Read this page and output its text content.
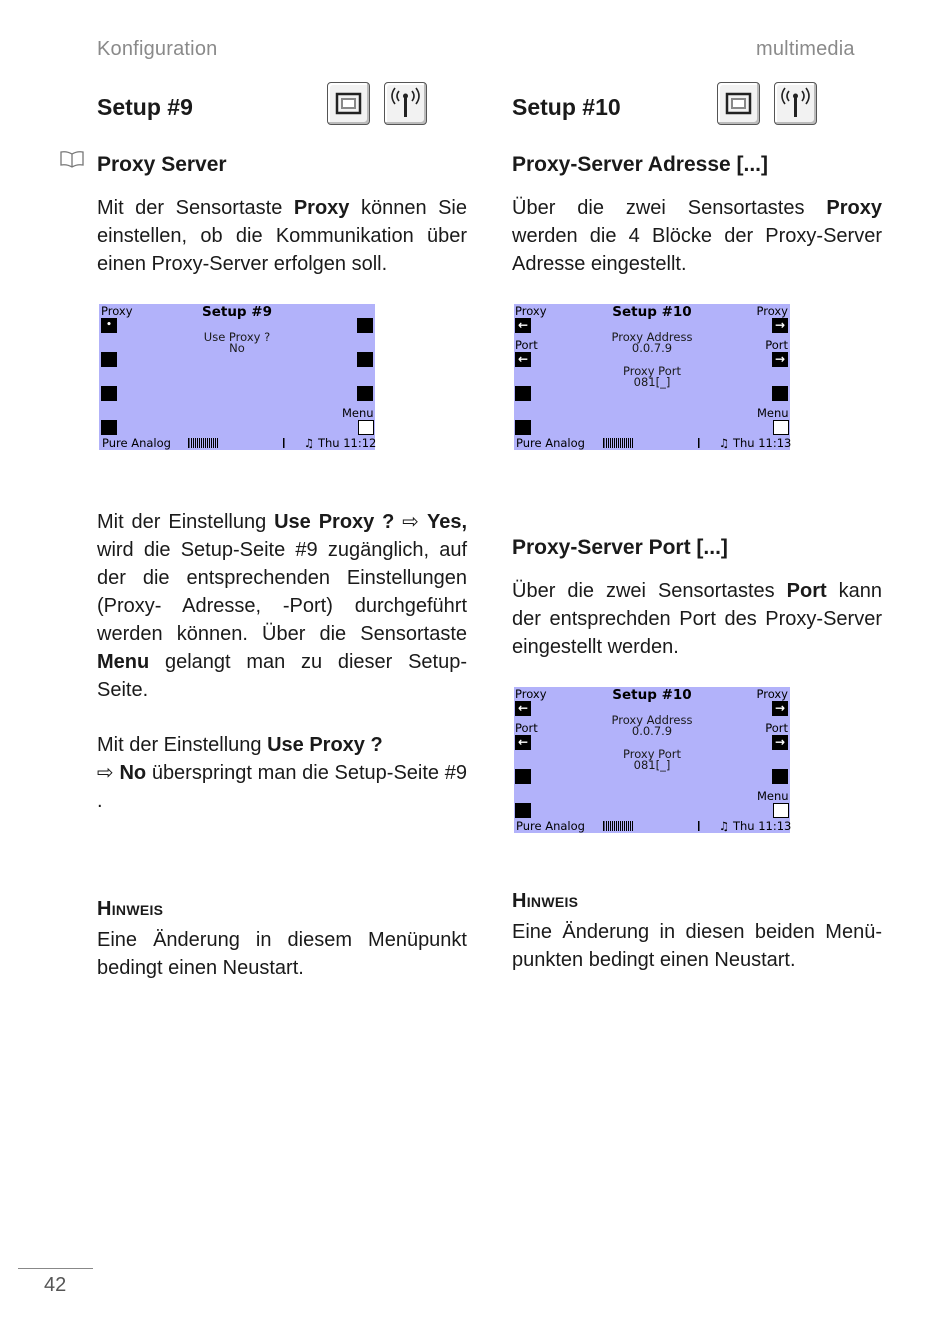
Konfiguration	multimedia
Setup #9
Proxy Server
Mit der Sensortaste Proxy können Sie einstellen, ob die Kommunikation über einen Proxy-Server erfolgen soll.
Proxy	Setup #9
•
Use Proxy ?
No
Menu
Pure Analog	♫ Thu 11:12
Mit der Einstellung Use Proxy ? ⇨ Yes, wird die Setup-Seite #9 zugänglich, auf der die entsprechenden Einstellungen (Proxy- Adresse, -Port) durchgeführt werden können. Über die Sensortaste Menu gelangt man zu dieser Setup-Seite.
Mit der Einstellung Use Proxy ?
⇨ No überspringt man die Setup-Seite #9 .
Hinweis
Eine Änderung in diesem Menüpunkt bedingt einen Neustart.
Setup #10
Proxy-Server Adresse [...]
Über die zwei Sensortastes Proxy werden die 4 Blöcke der Proxy-Server Adresse eingestellt.
Proxy	Proxy
Setup #10
←	→
Proxy Address
0.0.7.9
Port	Port
←	→
Proxy Port
081[_]
Menu
Pure Analog	♫ Thu 11:13
Proxy-Server Port [...]
Über die zwei Sensortastes Port kann der entsprechden Port des Proxy-Server eingestellt werden.
Proxy	Proxy
Setup #10
←	→
Proxy Address
0.0.7.9
Port	Port
←	→
Proxy Port
081[_]
Menu
Pure Analog	♫ Thu 11:13
Hinweis
Eine Änderung in diesen beiden Menü-punkten bedingt einen Neustart.
42
